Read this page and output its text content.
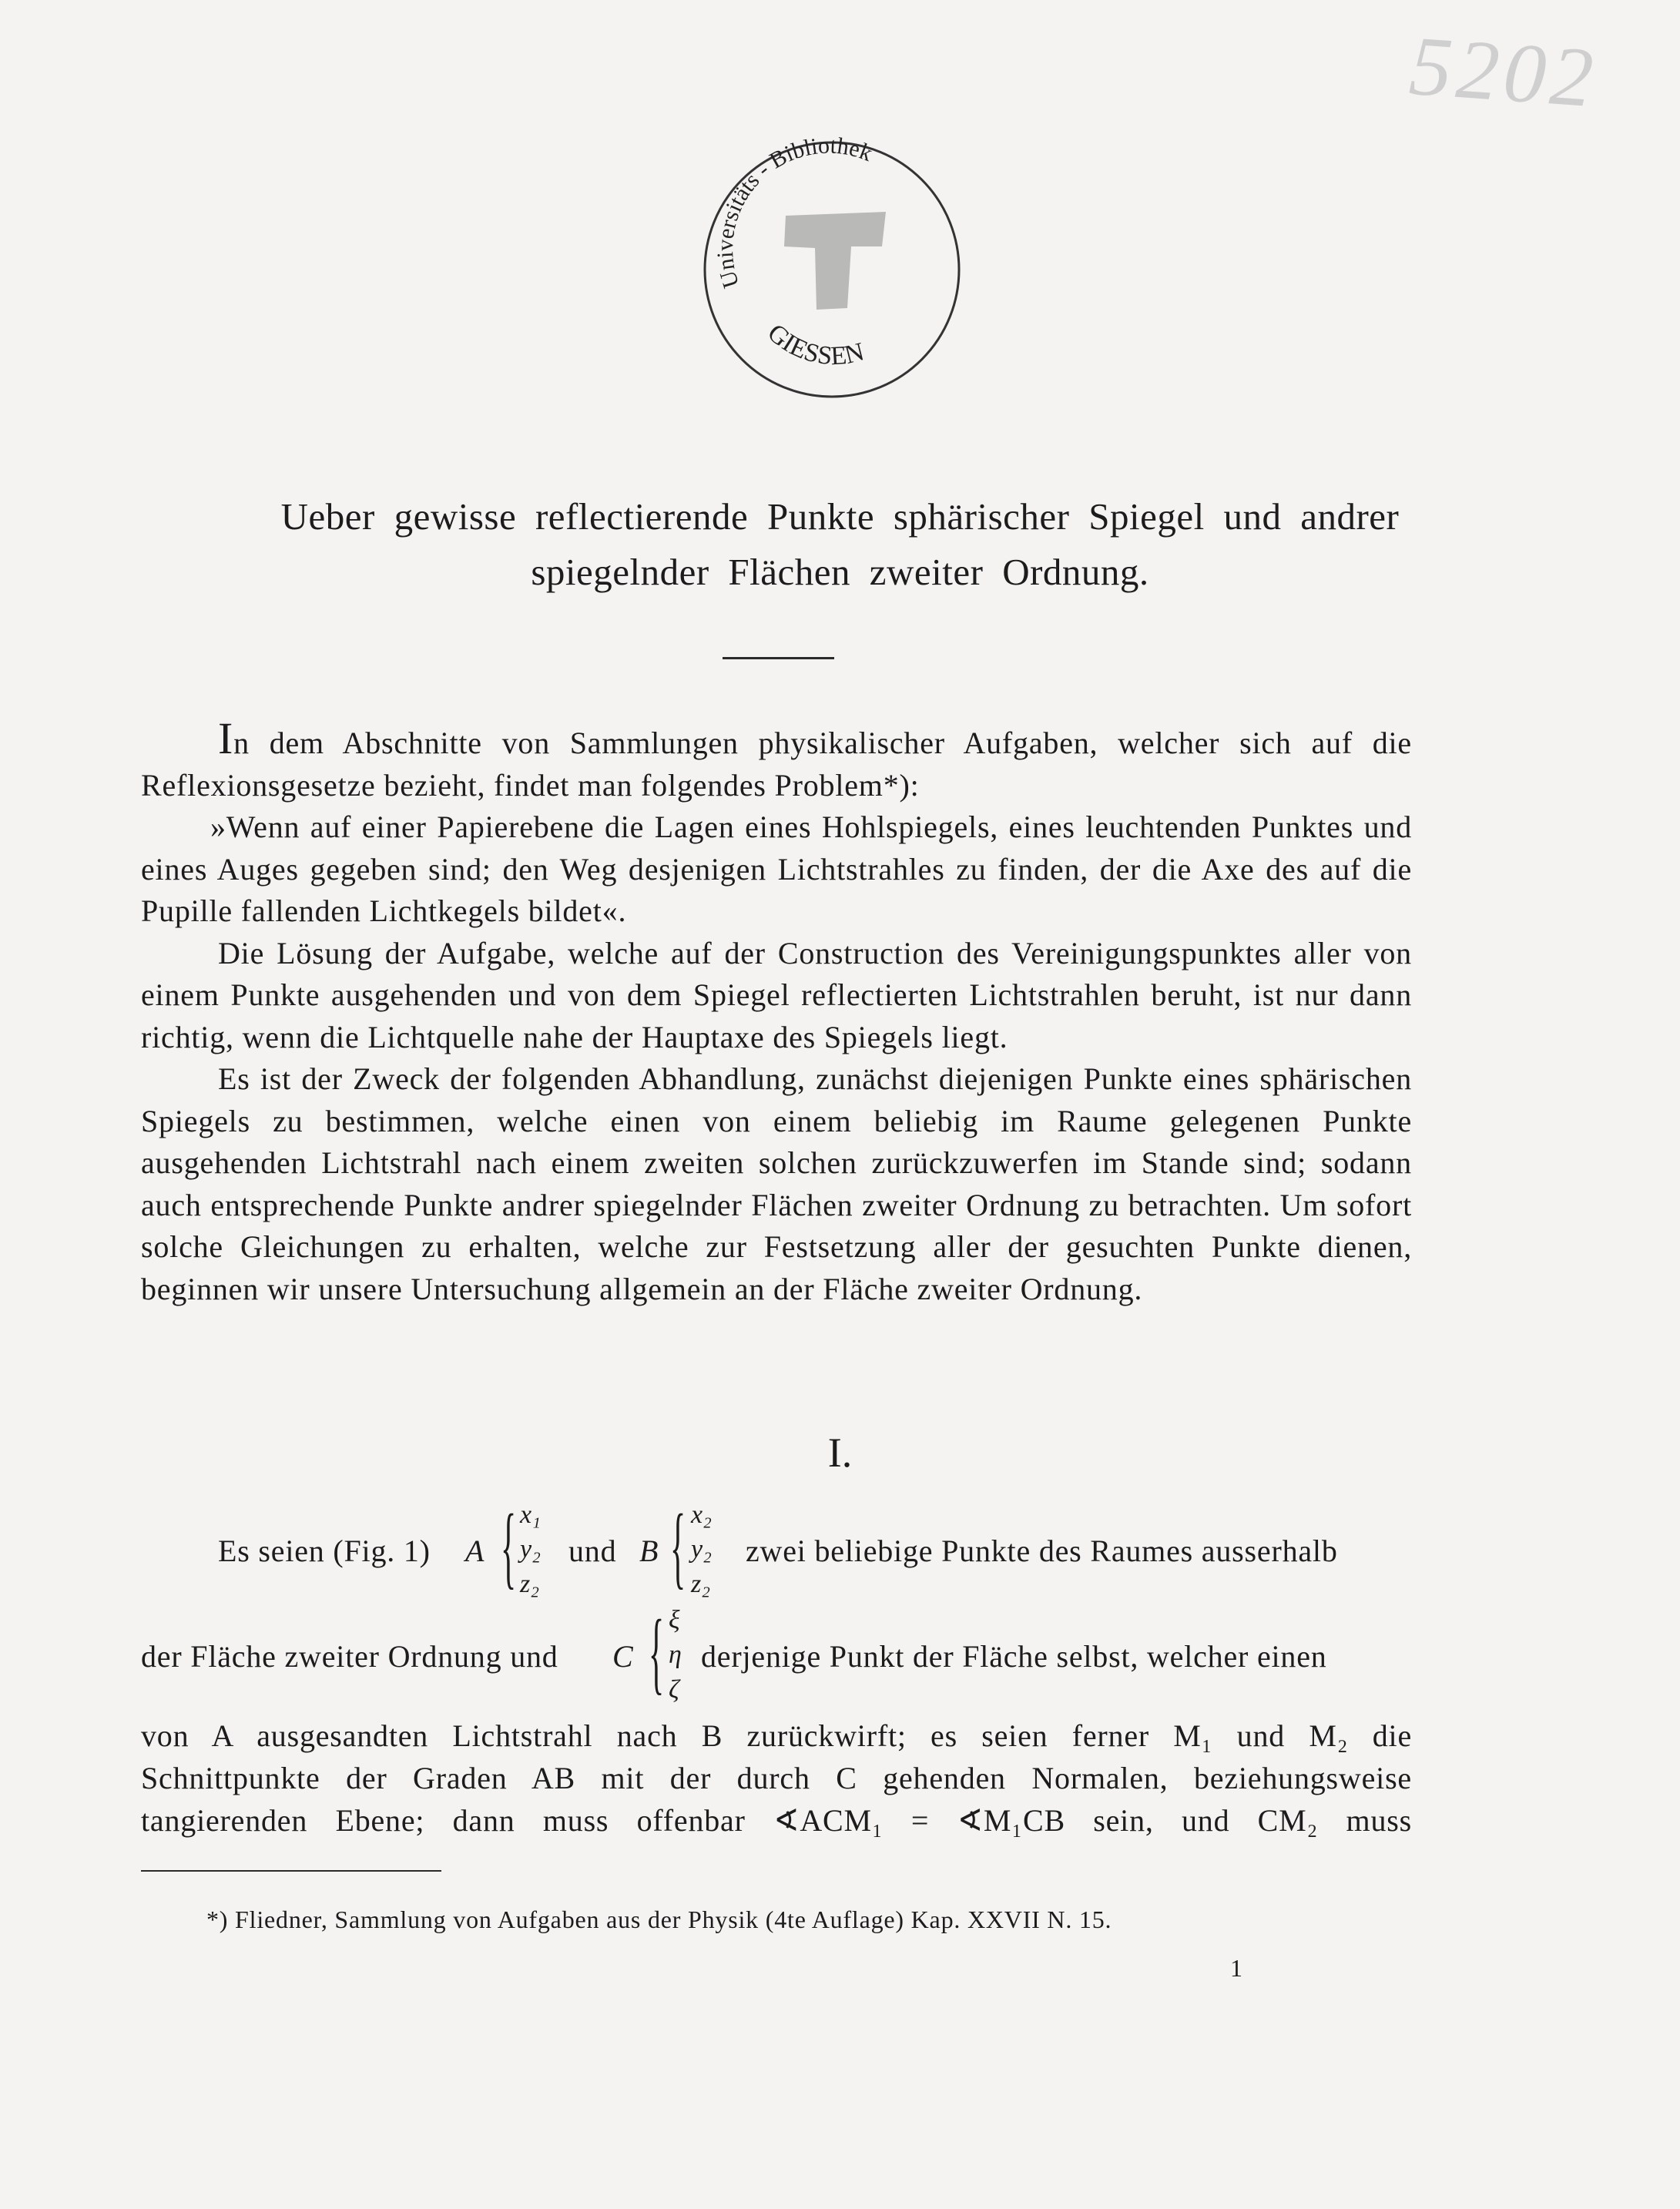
5202
Universitäts - Bibliothek
GIESSEN
Ueber gewisse reflectierende Punkte sphärischer Spiegel und andrer
spiegelnder Flächen zweiter Ordnung.

In dem Abschnitte von Sammlungen physikalischer Aufgaben, welcher sich auf die Reflexionsgesetze bezieht, findet man folgendes Problem*):

»Wenn auf einer Papierebene die Lagen eines Hohlspiegels, eines leuchtenden Punktes und eines Auges gegeben sind; den Weg desjenigen Lichtstrahles zu finden, der die Axe des auf die Pupille fallenden Lichtkegels bildet«.

Die Lösung der Aufgabe, welche auf der Construction des Vereinigungspunktes aller von einem Punkte ausgehenden und von dem Spiegel reflectierten Lichtstrahlen beruht, ist nur dann richtig, wenn die Lichtquelle nahe der Hauptaxe des Spiegels liegt.

Es ist der Zweck der folgenden Abhandlung, zunächst diejenigen Punkte eines sphärischen Spiegels zu bestimmen, welche einen von einem beliebig im Raume gelegenen Punkte ausgehenden Lichtstrahl nach einem zweiten solchen zurückzuwerfen im Stande sind; sodann auch entsprechende Punkte andrer spiegelnder Flächen zweiter Ordnung zu betrachten. Um sofort solche Gleichungen zu erhalten, welche zur Festsetzung aller der gesuchten Punkte dienen, beginnen wir unsere Untersuchung allgemein an der Fläche zweiter Ordnung.

I.
Es seien (Fig. 1) A { x₁
y₂
z₂
und B { x₂
y₂
z₂
zwei beliebige Punkte des Raumes ausserhalb
der Fläche zweiter Ordnung und C { ξ
η
ζ
derjenige Punkt der Fläche selbst, welcher einen
von A ausgesandten Lichtstrahl nach B zurückwirft; es seien ferner M₁ und M₂ die
Schnittpunkte der Graden AB mit der durch C gehenden Normalen, beziehungsweise
tangierenden Ebene; dann muss offenbar ∢ACM₁ = ∢M₁CB sein, und CM₂ muss
*) Fliedner, Sammlung von Aufgaben aus der Physik (4te Auflage) Kap. XXVII N. 15.
1
